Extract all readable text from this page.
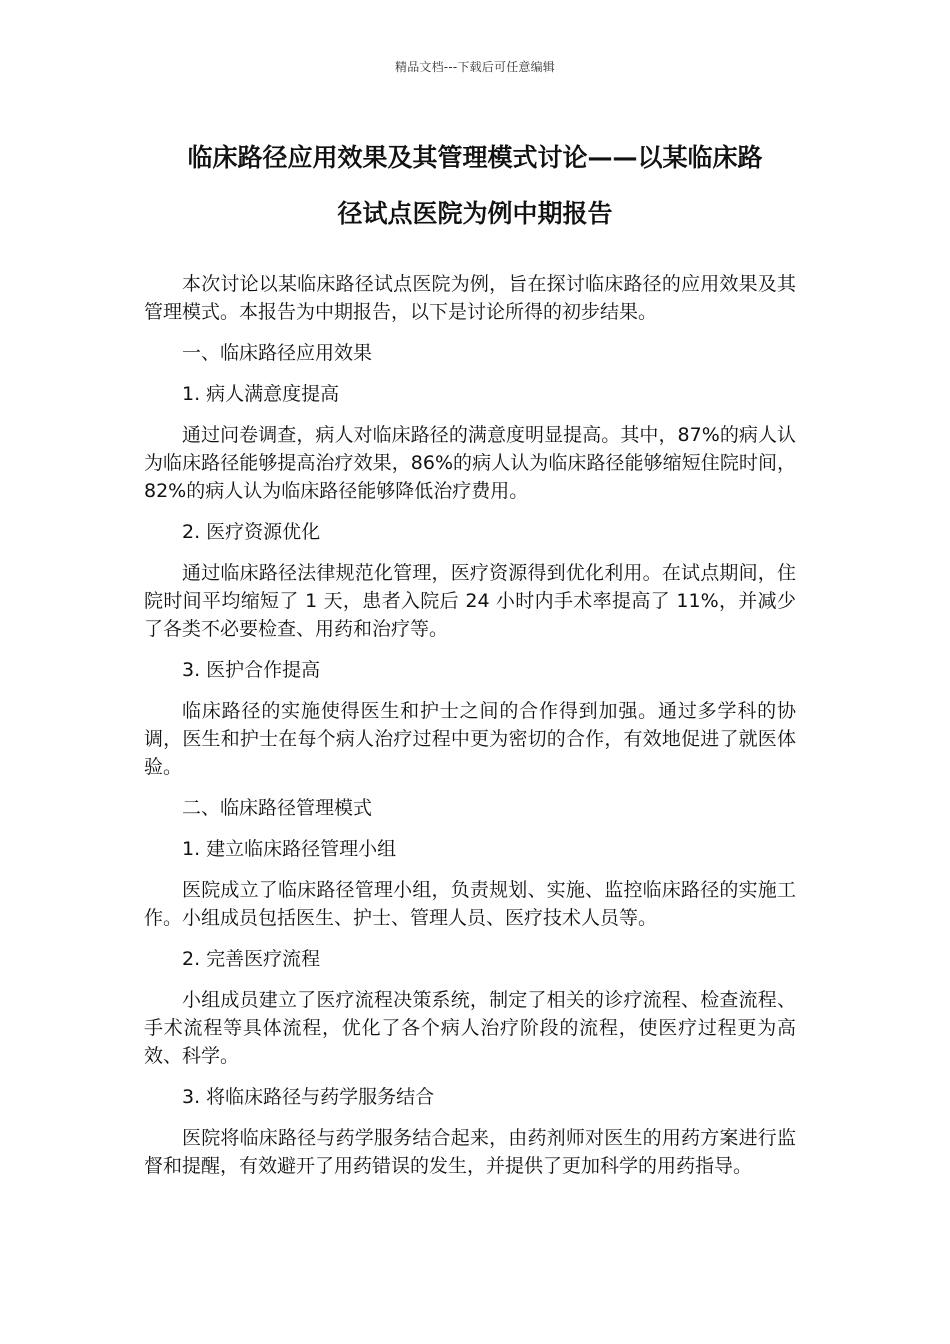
精品文档---下载后可任意编辑
临床路径应用效果及其管理模式讨论——以某临床路
径试点医院为例中期报告

本次讨论以某临床路径试点医院为例，旨在探讨临床路径的应用效果及其管理模式。本报告为中期报告，以下是讨论所得的初步结果。

一、临床路径应用效果

1. 病人满意度提高

通过问卷调查，病人对临床路径的满意度明显提高。其中，87%的病人认为临床路径能够提高治疗效果，86%的病人认为临床路径能够缩短住院时间，82%的病人认为临床路径能够降低治疗费用。

2. 医疗资源优化

通过临床路径法律规范化管理，医疗资源得到优化利用。在试点期间，住院时间平均缩短了 1 天，患者入院后 24 小时内手术率提高了 11%，并减少了各类不必要检查、用药和治疗等。

3. 医护合作提高

临床路径的实施使得医生和护士之间的合作得到加强。通过多学科的协调，医生和护士在每个病人治疗过程中更为密切的合作，有效地促进了就医体验。

二、临床路径管理模式

1. 建立临床路径管理小组

医院成立了临床路径管理小组，负责规划、实施、监控临床路径的实施工作。小组成员包括医生、护士、管理人员、医疗技术人员等。

2. 完善医疗流程

小组成员建立了医疗流程决策系统，制定了相关的诊疗流程、检查流程、手术流程等具体流程，优化了各个病人治疗阶段的流程，使医疗过程更为高效、科学。

3. 将临床路径与药学服务结合

医院将临床路径与药学服务结合起来，由药剂师对医生的用药方案进行监督和提醒，有效避开了用药错误的发生，并提供了更加科学的用药指导。
